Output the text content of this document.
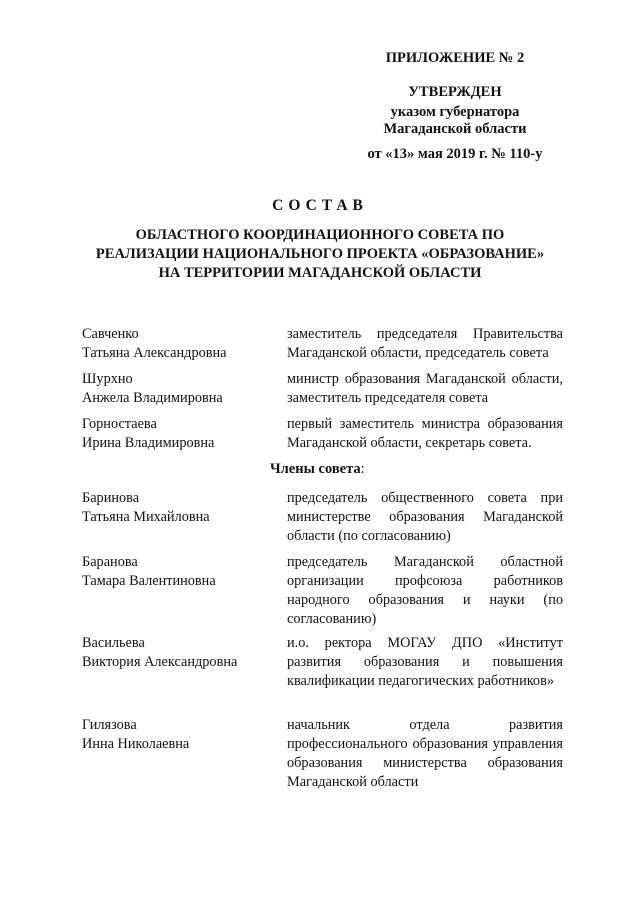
ПРИЛОЖЕНИЕ № 2
УТВЕРЖДЕН
указом губернатора
Магаданской области
от «13» мая 2019 г. № 110-у
СОСТАВ
ОБЛАСТНОГО КООРДИНАЦИОННОГО СОВЕТА ПО
РЕАЛИЗАЦИИ НАЦИОНАЛЬНОГО ПРОЕКТА «ОБРАЗОВАНИЕ»
НА ТЕРРИТОРИИ МАГАДАНСКОЙ ОБЛАСТИ
Савченко
Татьяна Александровна
заместитель председателя Правительства Магаданской области, председатель совета
Шурхно
Анжела Владимировна
министр образования Магаданской области, заместитель председателя совета
Горностаева
Ирина Владимировна
первый заместитель министра образования Магаданской области, секретарь совета.
Члены совета:
Баринова
Татьяна Михайловна
председатель общественного совета при министерстве образования Магаданской области (по согласованию)
Баранова
Тамара Валентиновна
председатель Магаданской областной организации профсоюза работников народного образования и науки (по согласованию)
Васильева
Виктория Александровна
и.о. ректора МОГАУ ДПО «Институт развития образования и повышения квалификации педагогических работников»
Гилязова
Инна Николаевна
начальник отдела развития профессионального образования управления образования министерства образования Магаданской области
